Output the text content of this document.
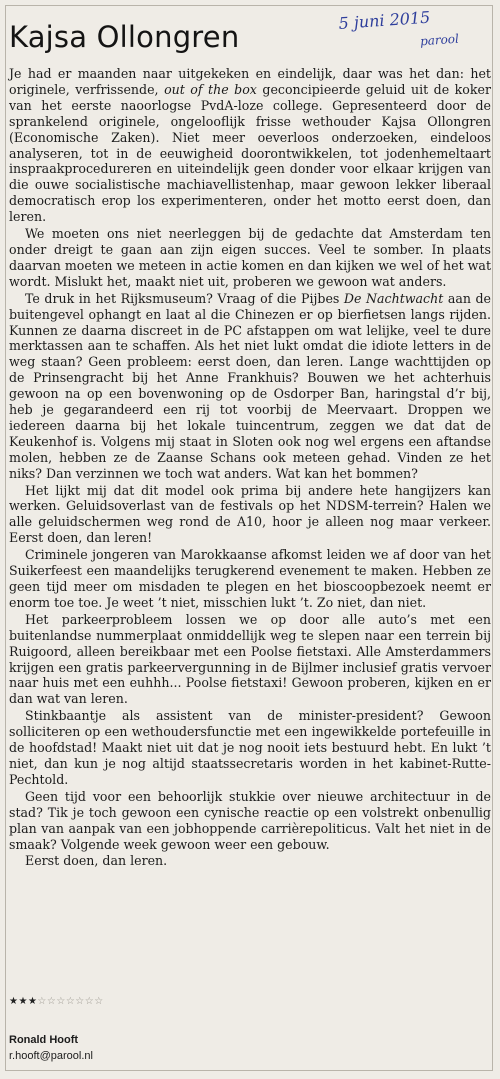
Kajsa Ollongren	5 juni 2015
parool

Je had er maanden naar uitgekeken en eindelijk, daar was het dan: het originele, verfrissende, out of the box geconcipieerde geluid uit de koker van het eerste naoorlogse PvdA-loze college. Gepresenteerd door de sprankelend originele, ongelooflijk frisse wethouder Kajsa Ollongren (Economische Zaken). Niet meer oeverloos onderzoeken, eindeloos analyseren, tot in de eeuwigheid doorontwikkelen, tot jodenhemeltaart inspraakprocedureren en uiteindelijk geen donder voor elkaar krijgen van die ouwe socialistische machiavellistenhap, maar gewoon lekker liberaal democratisch erop los experimenteren, onder het motto eerst doen, dan leren.

We moeten ons niet neerleggen bij de gedachte dat Amsterdam ten onder dreigt te gaan aan zijn eigen succes. Veel te somber. In plaats daarvan moeten we meteen in actie komen en dan kijken we wel of het wat wordt. Mislukt het, maakt niet uit, proberen we gewoon wat anders.

Te druk in het Rijksmuseum? Vraag of die Pijbes De Nachtwacht aan de buitengevel ophangt en laat al die Chinezen er op bierfietsen langs rijden. Kunnen ze daarna discreet in de PC afstappen om wat lelijke, veel te dure merktassen aan te schaffen. Als het niet lukt omdat die idiote letters in de weg staan? Geen probleem: eerst doen, dan leren. Lange wachttijden op de Prinsengracht bij het Anne Frankhuis? Bouwen we het achterhuis gewoon na op een bovenwoning op de Osdorper Ban, haringstal d’r bij, heb je gegarandeerd een rij tot voorbij de Meervaart. Droppen we iedereen daarna bij het lokale tuincentrum, zeggen we dat dat de Keukenhof is. Volgens mij staat in Sloten ook nog wel ergens een aftandse molen, hebben ze de Zaanse Schans ook meteen gehad. Vinden ze het niks? Dan verzinnen we toch wat anders. Wat kan het bommen?

Het lijkt mij dat dit model ook prima bij andere hete hangijzers kan werken. Geluidsoverlast van de festivals op het NDSM-terrein? Halen we alle geluidschermen weg rond de A10, hoor je alleen nog maar verkeer. Eerst doen, dan leren!

Criminele jongeren van Marokkaanse afkomst leiden we af door van het Suikerfeest een maandelijks terugkerend evenement te maken. Hebben ze geen tijd meer om misdaden te plegen en het bioscoopbezoek neemt er enorm toe toe. Je weet ’t niet, misschien lukt ’t. Zo niet, dan niet.

Het parkeerprobleem lossen we op door alle auto’s met een buitenlandse nummerplaat onmiddellijk weg te slepen naar een terrein bij Ruigoord, alleen bereikbaar met een Poolse fietstaxi. Alle Amsterdammers krijgen een gratis parkeervergunning in de Bijlmer inclusief gratis vervoer naar huis met een euhhh... Poolse fietstaxi! Gewoon proberen, kijken en er dan wat van leren.

Stinkbaantje als assistent van de minister-president? Gewoon solliciteren op een wethoudersfunctie met een ingewikkelde portefeuille in de hoofdstad! Maakt niet uit dat je nog nooit iets bestuurd hebt. En lukt ’t niet, dan kun je nog altijd staatssecretaris worden in het kabinet-Rutte-Pechtold.

Geen tijd voor een behoorlijk stukkie over nieuwe architectuur in de stad? Tik je toch gewoon een cynische reactie op een volstrekt onbenullig plan van aanpak van een jobhoppende carrièrepoliticus. Valt het niet in de smaak? Volgende week gewoon weer een gebouw.

Eerst doen, dan leren.

★★★☆☆☆☆☆☆☆
Ronald Hooft
r.hooft@parool.nl
